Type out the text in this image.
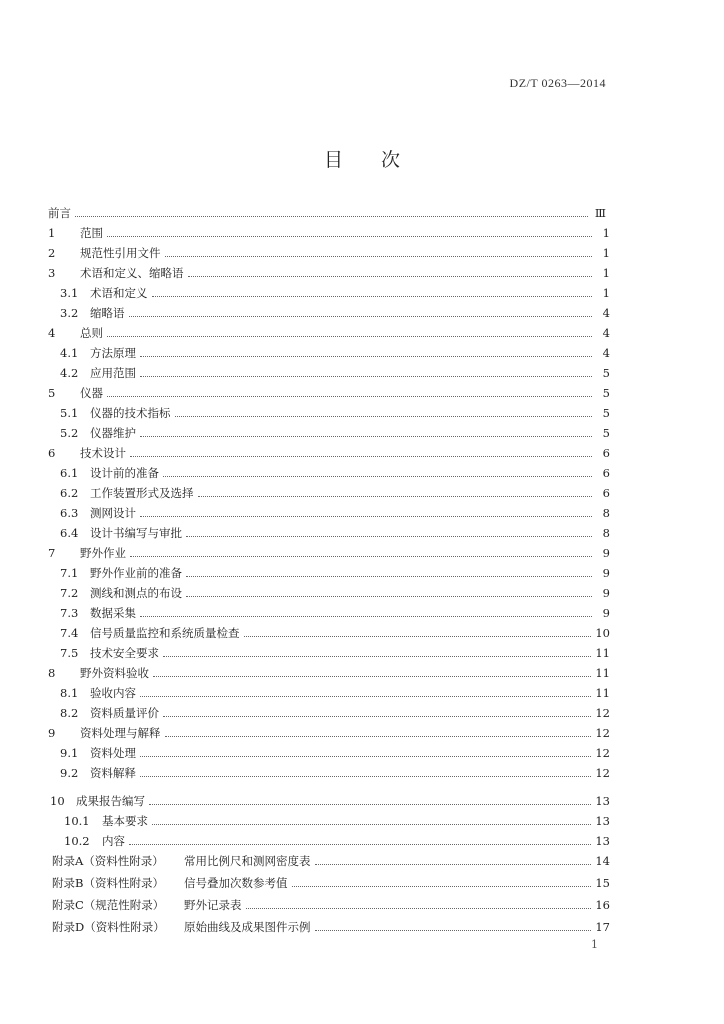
DZ/T 0263—2014
目次
前言	Ⅲ
1	范围	1
2	规范性引用文件	1
3	术语和定义、缩略语	1
3.1	术语和定义	1
3.2	缩略语	4
4	总则	4
4.1	方法原理	4
4.2	应用范围	5
5	仪器	5
5.1	仪器的技术指标	5
5.2	仪器维护	5
6	技术设计	6
6.1	设计前的准备	6
6.2	工作装置形式及选择	6
6.3	测网设计	8
6.4	设计书编写与审批	8
7	野外作业	9
7.1	野外作业前的准备	9
7.2	测线和测点的布设	9
7.3	数据采集	9
7.4	信号质量监控和系统质量检查	10
7.5	技术安全要求	11
8	野外资料验收	11
8.1	验收内容	11
8.2	资料质量评价	12
9	资料处理与解释	12
9.1	资料处理	12
9.2	资料解释	12
10 成果报告编写	13
10.1	基本要求	13
10.2	内容	13
附录A（资料性附录）	常用比例尺和测网密度表	14
附录B（资料性附录）	信号叠加次数参考值	15
附录C（规范性附录）	野外记录表	16
附录D（资料性附录）	原始曲线及成果图件示例	17
1
